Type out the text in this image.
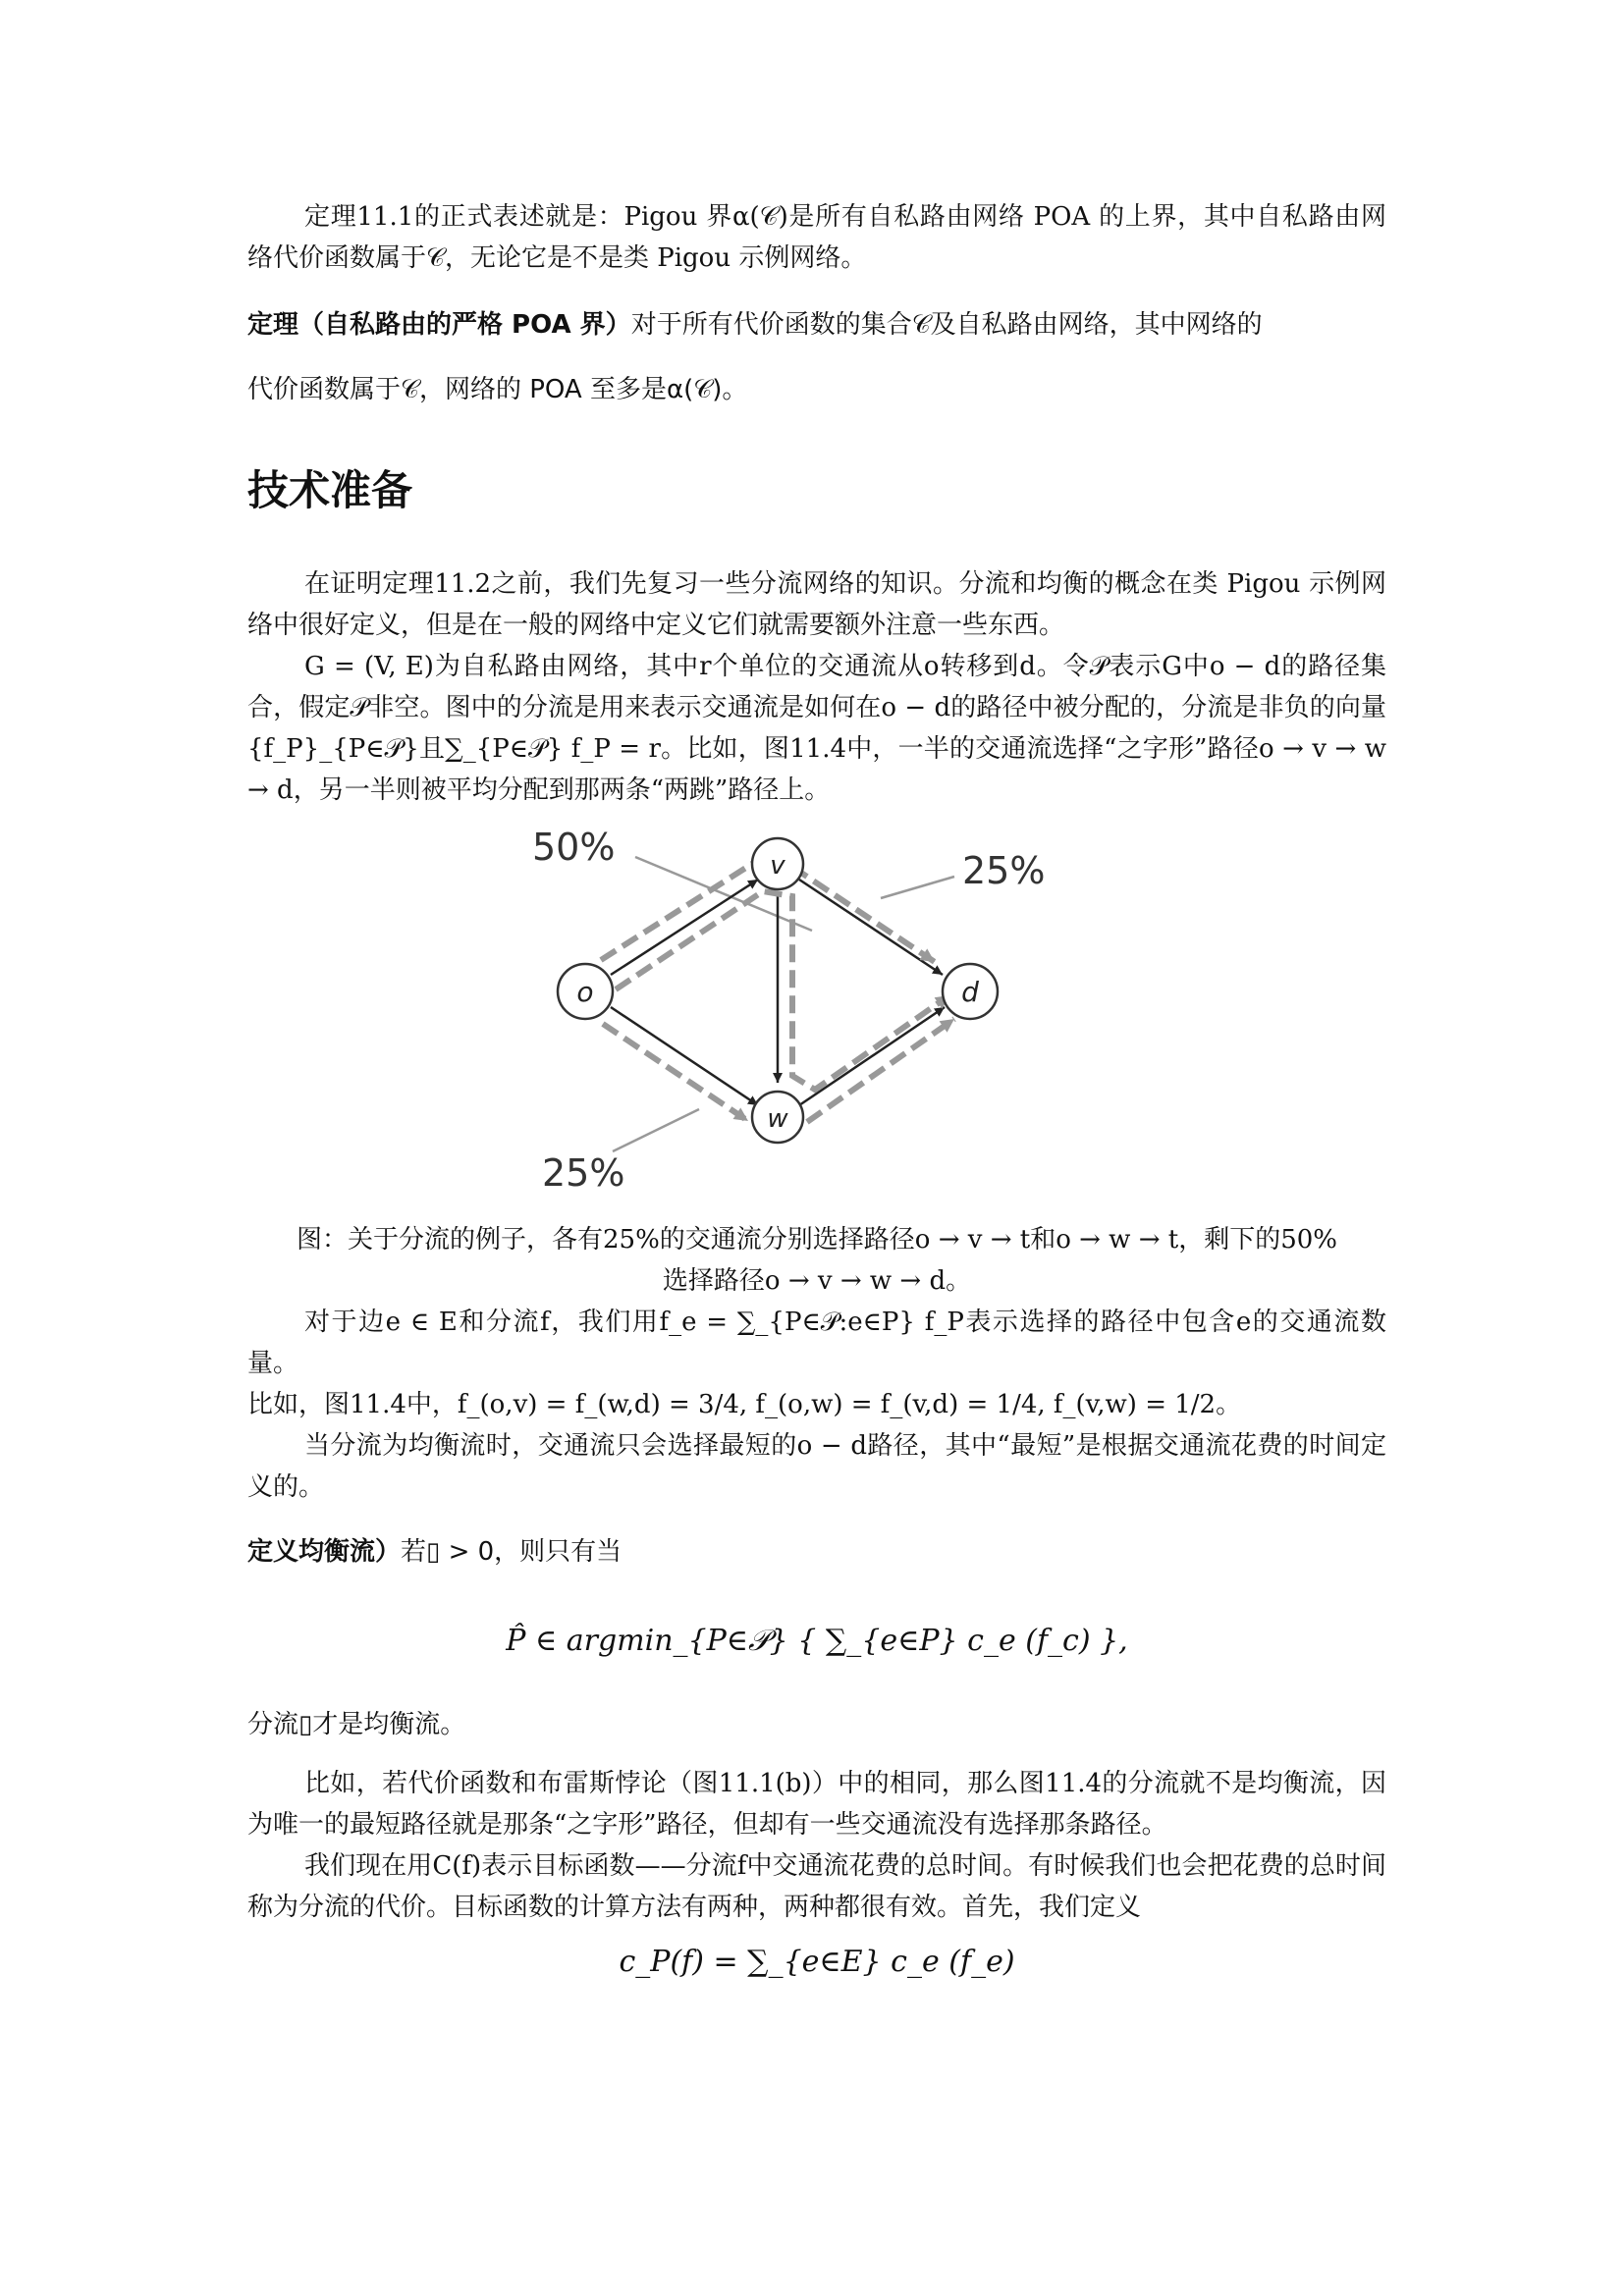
定理11.1的正式表述就是：Pigou 界α(𝒞)是所有自私路由网络 POA 的上界，其中自私路由网络代价函数属于𝒞，无论它是不是类 Pigou 示例网络。

定理（自私路由的严格 POA 界）对于所有代价函数的集合𝒞及自私路由网络，其中网络的
代价函数属于𝒞，网络的 POA 至多是α(𝒞)。
技术准备

在证明定理11.2之前，我们先复习一些分流网络的知识。分流和均衡的概念在类 Pigou 示例网络中很好定义，但是在一般的网络中定义它们就需要额外注意一些东西。

G = (V, E)为自私路由网络，其中r个单位的交通流从o转移到d。令𝒫表示G中o − d的路径集合，假定𝒫非空。图中的分流是用来表示交通流是如何在o − d的路径中被分配的，分流是非负的向量{f_P}_{P∈𝒫}且∑_{P∈𝒫} f_P = r。比如，图11.4中，一半的交通流选择“之字形”路径o → v → w → d，另一半则被平均分配到那两条“两跳”路径上。

o
v
w
d
50%
25%
25%
图：关于分流的例子，各有25%的交通流分别选择路径o → v → t和o → w → t，剩下的50%
选择路径o → v → w → d。

对于边e ∈ E和分流f，我们用f_e = ∑_{P∈𝒫:e∈P} f_P表示选择的路径中包含e的交通流数量。

比如，图11.4中，f_(o,v) = f_(w,d) = 3/4, f_(o,w) = f_(v,d) = 1/4, f_(v,w) = 1/2。

当分流为均衡流时，交通流只会选择最短的o − d路径，其中“最短”是根据交通流花费的时间定义的。

定义均衡流）若▯ > 0，则只有当
P̂ ∈ argmin_{P∈𝒫} { ∑_{e∈P} c_e (f_c) },
分流▯才是均衡流。

比如，若代价函数和布雷斯悖论（图11.1(b)）中的相同，那么图11.4的分流就不是均衡流，因为唯一的最短路径就是那条“之字形”路径，但却有一些交通流没有选择那条路径。

我们现在用C(f)表示目标函数——分流f中交通流花费的总时间。有时候我们也会把花费的总时间称为分流的代价。目标函数的计算方法有两种，两种都很有效。首先，我们定义

c_P(f) = ∑_{e∈E} c_e (f_e)
